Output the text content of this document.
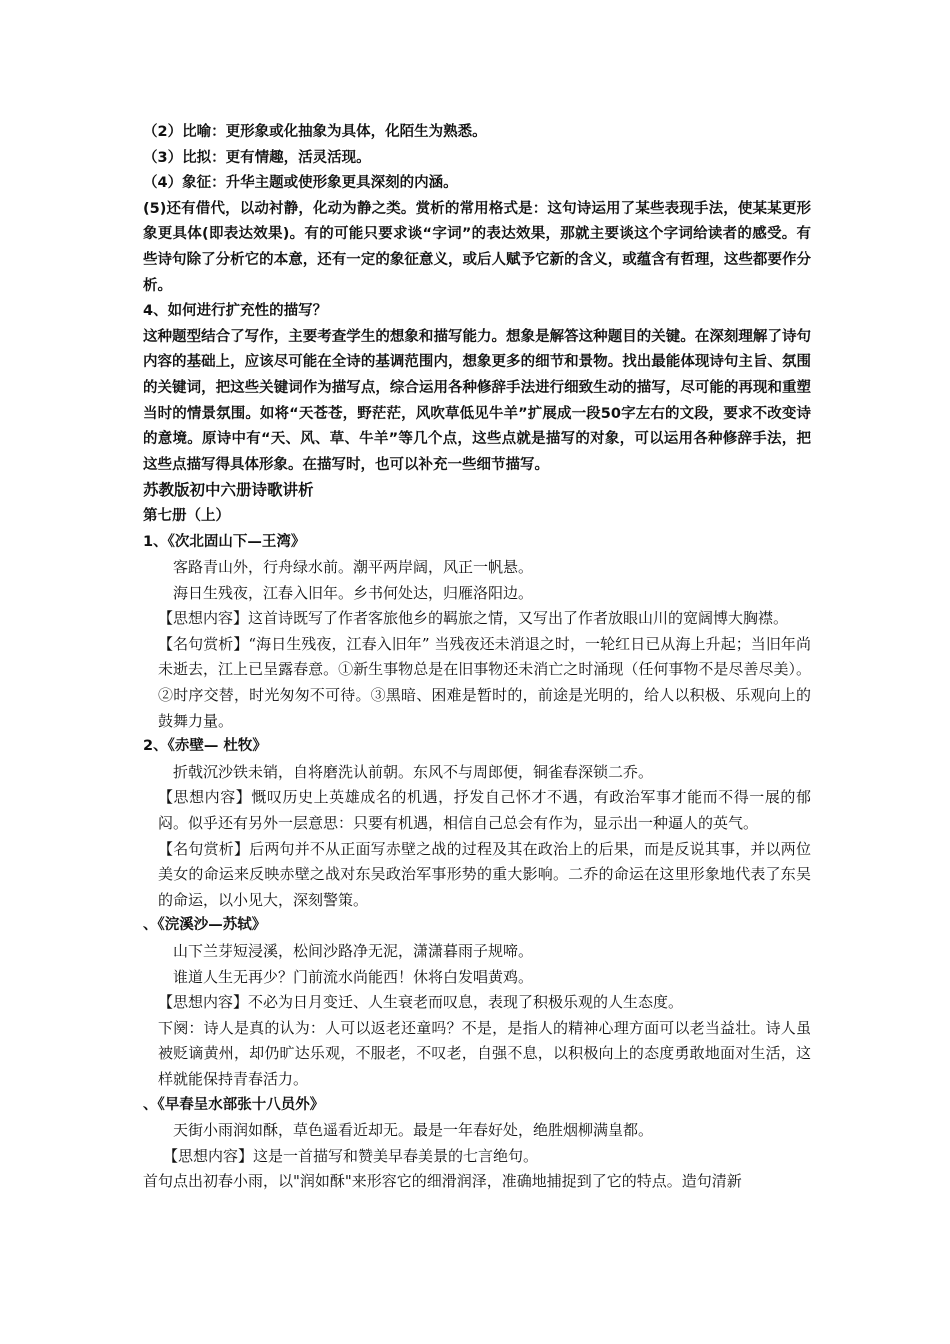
（2）比喻：更形象或化抽象为具体，化陌生为熟悉。

（3）比拟：更有情趣，活灵活现。

（4）象征：升华主题或使形象更具深刻的内涵。

(5)还有借代，以动衬静，化动为静之类。赏析的常用格式是：这句诗运用了某些表现手法，使某某更形象更具体(即表达效果)。有的可能只要求谈“字词”的表达效果，那就主要谈这个字词给读者的感受。有些诗句除了分析它的本意，还有一定的象征意义，或后人赋予它新的含义，或蕴含有哲理，这些都要作分析。

4、如何进行扩充性的描写？

这种题型结合了写作，主要考查学生的想象和描写能力。想象是解答这种题目的关键。在深刻理解了诗句内容的基础上，应该尽可能在全诗的基调范围内，想象更多的细节和景物。找出最能体现诗句主旨、氛围的关键词，把这些关键词作为描写点，综合运用各种修辞手法进行细致生动的描写，尽可能的再现和重塑当时的情景氛围。如将“天苍苍，野茫茫，风吹草低见牛羊”扩展成一段50字左右的文段，要求不改变诗的意境。原诗中有“天、风、草、牛羊”等几个点，这些点就是描写的对象，可以运用各种修辞手法，把这些点描写得具体形象。在描写时，也可以补充一些细节描写。

苏教版初中六册诗歌讲析

第七册（上）

1、《次北固山下—王湾》

客路青山外，行舟绿水前。潮平两岸阔，风正一帆悬。

海日生残夜，江春入旧年。乡书何处达，归雁洛阳边。

【思想内容】这首诗既写了作者客旅他乡的羁旅之情，又写出了作者放眼山川的宽阔博大胸襟。

【名句赏析】“海日生残夜，江春入旧年” 当残夜还未消退之时，一轮红日已从海上升起；当旧年尚未逝去，江上已呈露春意。①新生事物总是在旧事物还未消亡之时涌现（任何事物不是尽善尽美）。②时序交替，时光匆匆不可待。③黑暗、困难是暂时的，前途是光明的，给人以积极、乐观向上的鼓舞力量。

2、《赤壁— 杜牧》

折戟沉沙铁未销，自将磨洗认前朝。东风不与周郎便，铜雀春深锁二乔。

【思想内容】慨叹历史上英雄成名的机遇，抒发自己怀才不遇，有政治军事才能而不得一展的郁闷。似乎还有另外一层意思：只要有机遇，相信自己总会有作为，显示出一种逼人的英气。

【名句赏析】后两句并不从正面写赤壁之战的过程及其在政治上的后果，而是反说其事，并以两位美女的命运来反映赤壁之战对东吴政治军事形势的重大影响。二乔的命运在这里形象地代表了东吴的命运，以小见大，深刻警策。

、《浣溪沙—苏轼》

山下兰芽短浸溪，松间沙路净无泥，潇潇暮雨子规啼。

谁道人生无再少？门前流水尚能西！休将白发唱黄鸡。

【思想内容】不必为日月变迁、人生衰老而叹息，表现了积极乐观的人生态度。

下阕：诗人是真的认为：人可以返老还童吗？不是，是指人的精神心理方面可以老当益壮。诗人虽被贬谪黄州，却仍旷达乐观，不服老，不叹老，自强不息，以积极向上的态度勇敢地面对生活，这样就能保持青春活力。

、《早春呈水部张十八员外》

天街小雨润如酥，草色遥看近却无。最是一年春好处，绝胜烟柳满皇都。

【思想内容】这是一首描写和赞美早春美景的七言绝句。

首句点出初春小雨，以"润如酥"来形容它的细滑润泽，准确地捕捉到了它的特点。造句清新
